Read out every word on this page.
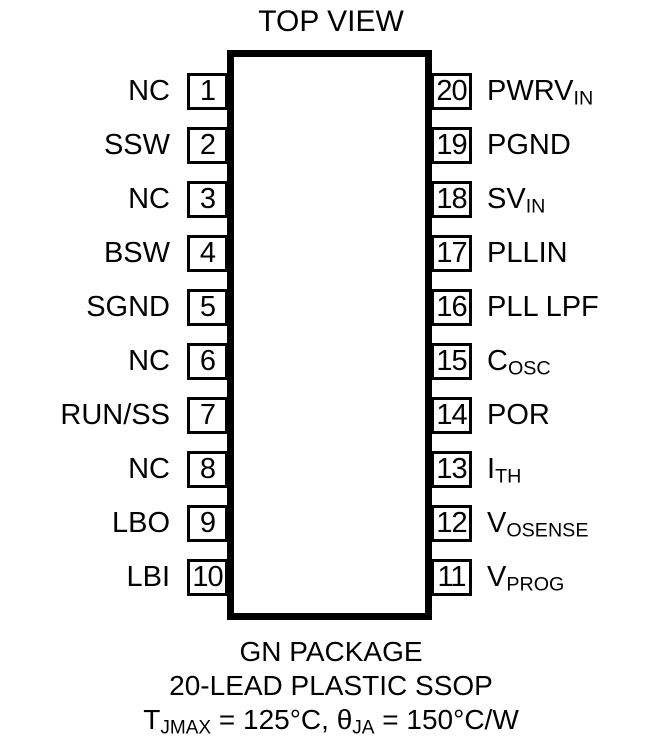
TOP VIEW
NC	1
SSW	2
NC	3
BSW	4
SGND	5
NC	6
RUN/SS	7
NC	8
LBO	9
LBI 10
20 $PWRV_{IN}$
19 PGND
18 $SV_{IN}$
17 PLLIN
16 PLL LPF
15 $C_{OSC}$
14 POR
13 $I_{TH}$
12 $V_{OSENSE}$
11 $V_{PROG}$
GN PACKAGE
20-LEAD PLASTIC SSOP
$T_{JMAX} = 125^\circ C$, $\theta_{JA} = 150^\circ C/W$
